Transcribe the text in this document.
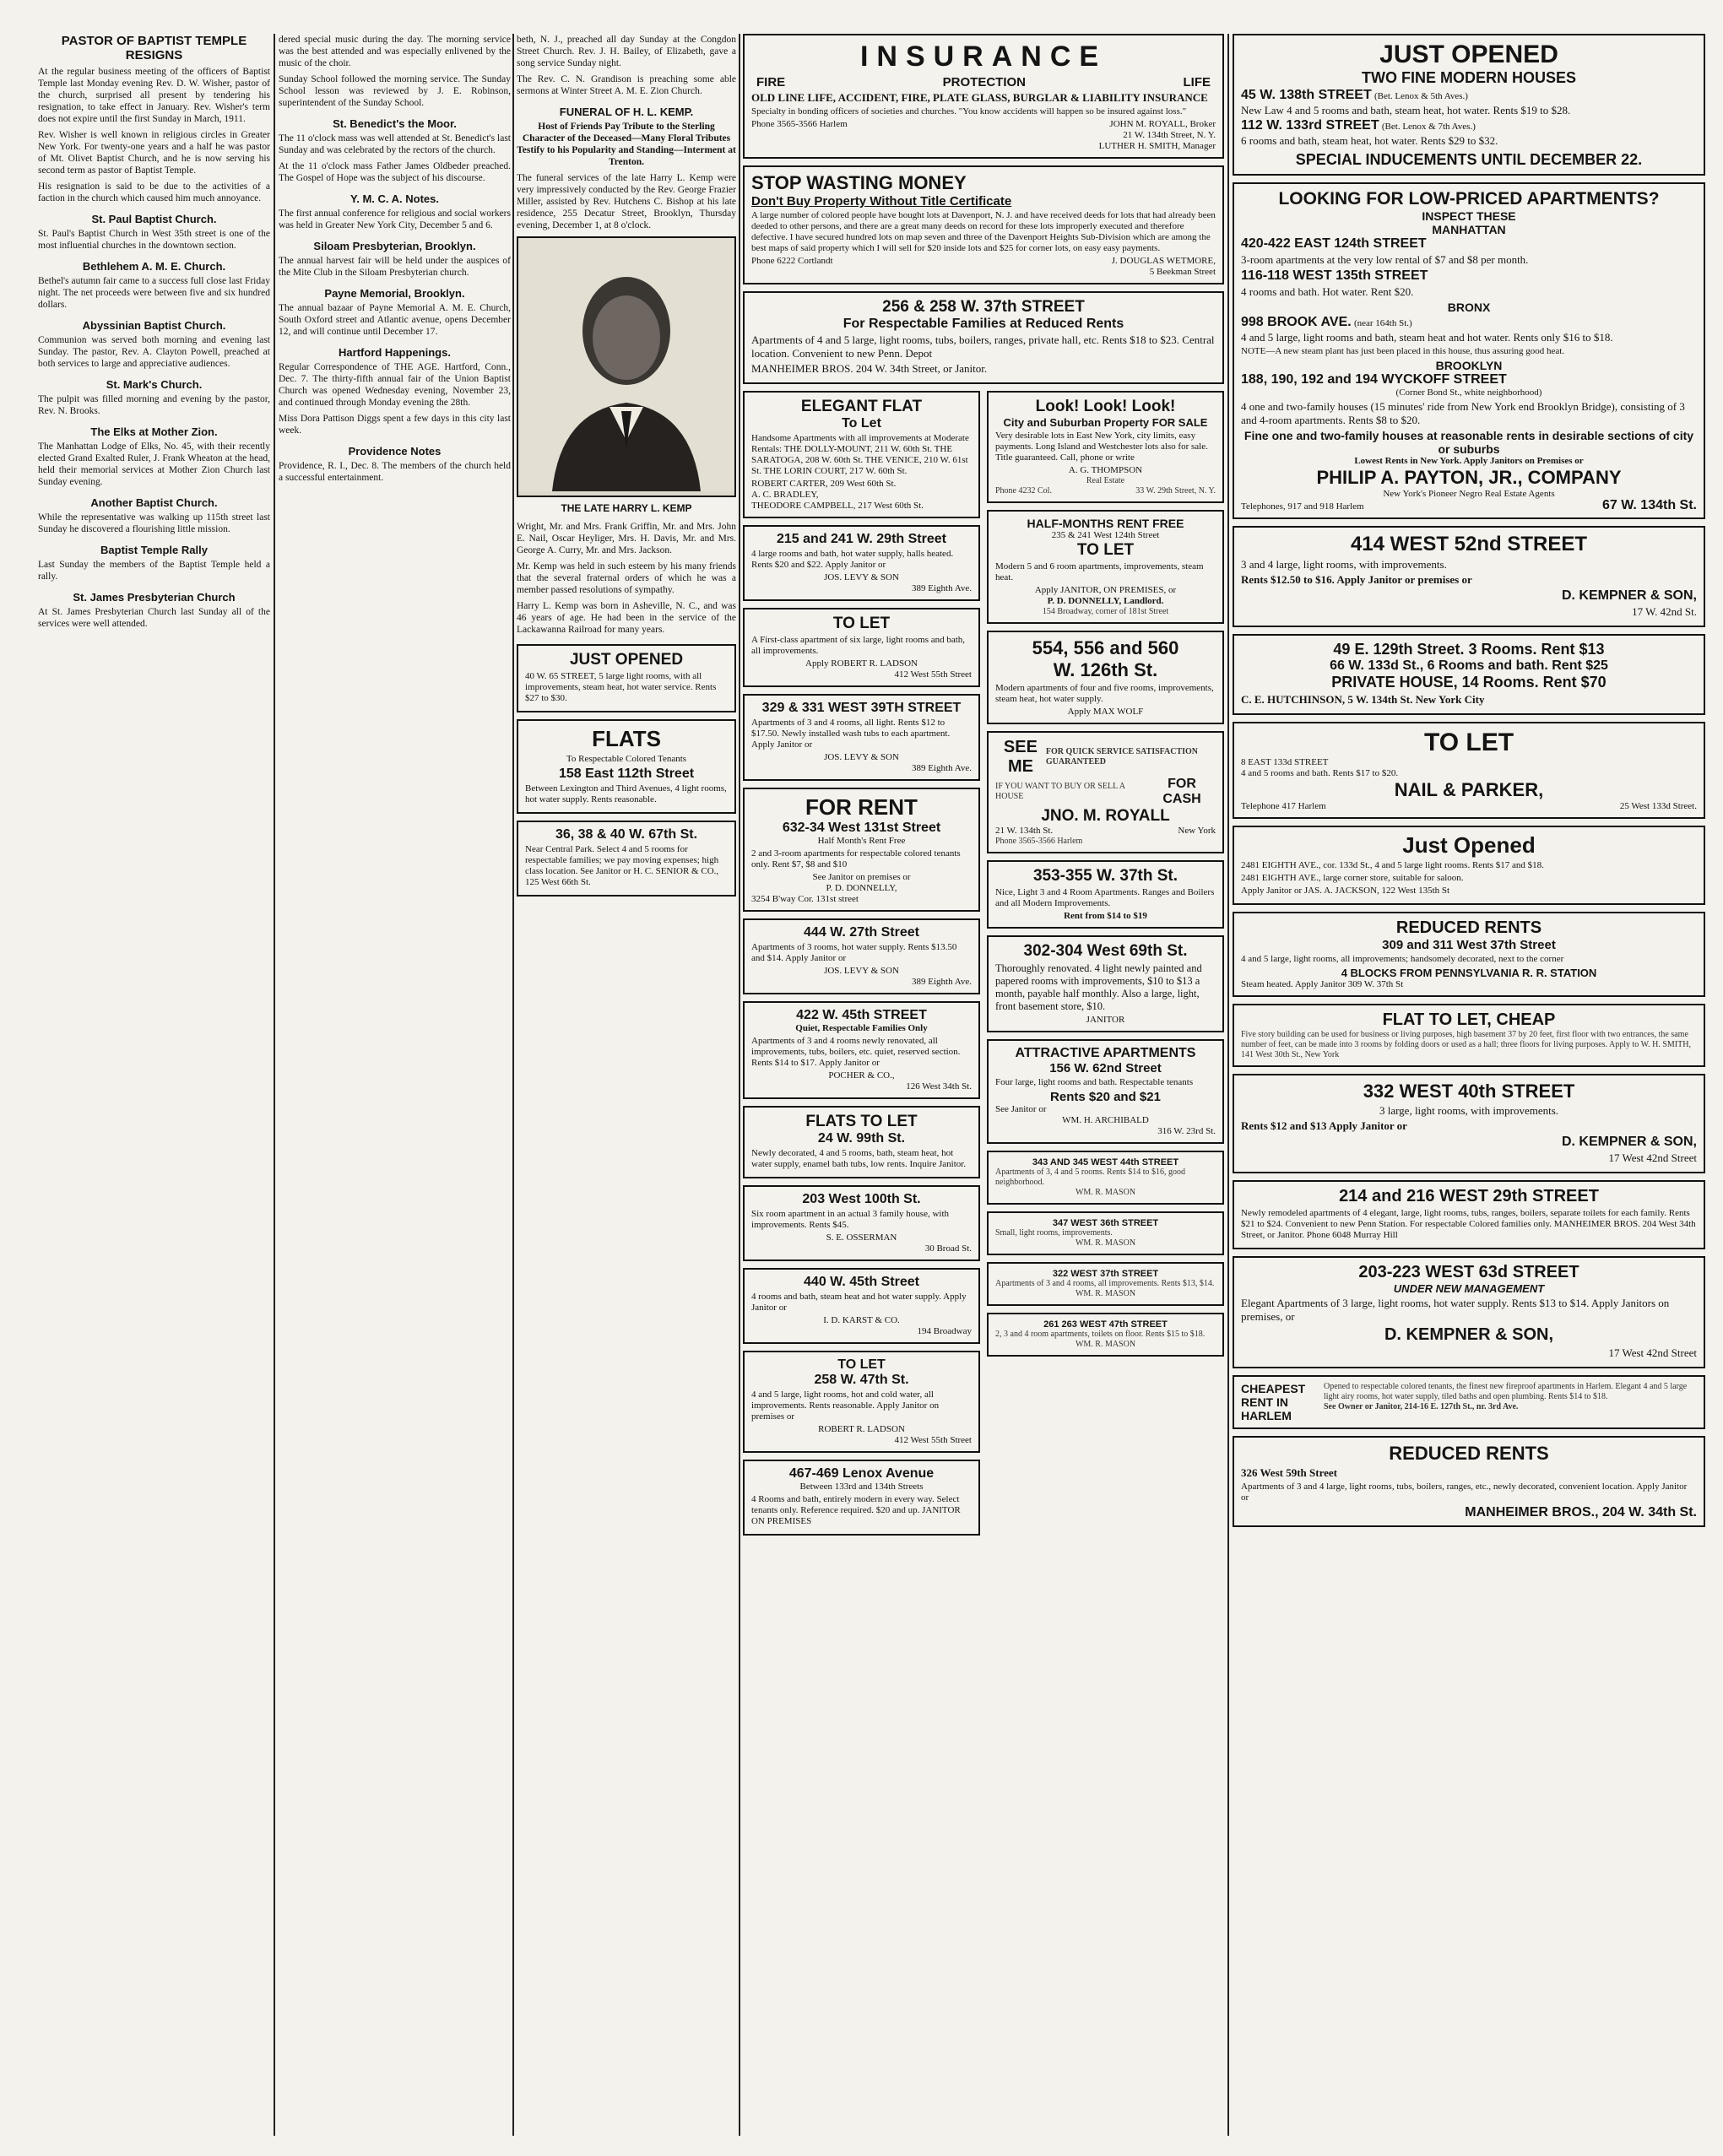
PASTOR OF BAPTIST TEMPLE RESIGNS

At the regular business meeting of the officers of Baptist Temple last Monday evening Rev. D. W. Wisher, pastor of the church, surprised all present by tendering his resignation, to take effect in January. Rev. Wisher's term does not expire until the first Sunday in March, 1911.

Rev. Wisher is well known in religious circles in Greater New York. For twenty-one years and a half he was pastor of Mt. Olivet Baptist Church, and he is now serving his second term as pastor of Baptist Temple.

His resignation is said to be due to the activities of a faction in the church which caused him much annoyance.

St. Paul Baptist Church.

St. Paul's Baptist Church in West 35th street is one of the most influential churches in the downtown section.

Bethlehem A. M. E. Church.

Bethel's autumn fair came to a success full close last Friday night. The net proceeds were between five and six hundred dollars.

Abyssinian Baptist Church.

Communion was served both morning and evening last Sunday. The pastor, Rev. A. Clayton Powell, preached at both services to large and appreciative audiences.

St. Mark's Church.

The pulpit was filled morning and evening by the pastor, Rev. N. Brooks.

The Elks at Mother Zion.

The Manhattan Lodge of Elks, No. 45, with their recently elected Grand Exalted Ruler, J. Frank Wheaton at the head, held their memorial services at Mother Zion Church last Sunday evening.

Another Baptist Church.

While the representative was walking up 115th street last Sunday he discovered a flourishing little mission.

Baptist Temple Rally

Last Sunday the members of the Baptist Temple held a rally.

St. James Presbyterian Church

At St. James Presbyterian Church last Sunday all of the services were well attended.

dered special music during the day. The morning service was the best attended and was especially enlivened by the music of the choir.

Sunday School followed the morning service. The Sunday School lesson was reviewed by J. E. Robinson, superintendent of the Sunday School.

St. Benedict's the Moor.

The 11 o'clock mass was well attended at St. Benedict's last Sunday and was celebrated by the rectors of the church.

At the 11 o'clock mass Father James Oldbeder preached. The Gospel of Hope was the subject of his discourse.

Y. M. C. A. Notes.

The first annual conference for religious and social workers was held in Greater New York City, December 5 and 6.

Siloam Presbyterian, Brooklyn.

The annual harvest fair will be held under the auspices of the Mite Club in the Siloam Presbyterian church.

Payne Memorial, Brooklyn.

The annual bazaar of Payne Memorial A. M. E. Church, South Oxford street and Atlantic avenue, opens December 12, and will continue until December 17.

Hartford Happenings.

Regular Correspondence of THE AGE. Hartford, Conn., Dec. 7. The thirty-fifth annual fair of the Union Baptist Church was opened Wednesday evening, November 23, and continued through Monday evening the 28th.

Miss Dora Pattison Diggs spent a few days in this city last week.

Providence Notes

Providence, R. I., Dec. 8. The members of the church held a successful entertainment.

beth, N. J., preached all day Sunday at the Congdon Street Church. Rev. J. H. Bailey, of Elizabeth, gave a song service Sunday night.

The Rev. C. N. Grandison is preaching some able sermons at Winter Street A. M. E. Zion Church.

FUNERAL OF H. L. KEMP.

Host of Friends Pay Tribute to the Sterling Character of the Deceased—Many Floral Tributes Testify to his Popularity and Standing—Interment at Trenton.

The funeral services of the late Harry L. Kemp were very impressively conducted by the Rev. George Frazier Miller, assisted by Rev. Hutchens C. Bishop at his late residence, 255 Decatur Street, Brooklyn, Thursday evening, December 1, at 8 o'clock.

THE LATE HARRY L. KEMP

Wright, Mr. and Mrs. Frank Griffin, Mr. and Mrs. John E. Nail, Oscar Heyliger, Mrs. H. Davis, Mr. and Mrs. George A. Curry, Mr. and Mrs. Jackson.

Mr. Kemp was held in such esteem by his many friends that the several fraternal orders of which he was a member passed resolutions of sympathy.

Harry L. Kemp was born in Asheville, N. C., and was 46 years of age. He had been in the service of the Lackawanna Railroad for many years.

JUST OPENED
40 W. 65 STREET, 5 large light rooms, with all improvements, steam heat, hot water service. Rents $27 to $30.
FLATS
To Respectable Colored Tenants
158 East 112th Street
Between Lexington and Third Avenues, 4 light rooms, hot water supply. Rents reasonable.
36, 38 & 40 W. 67th St.
Near Central Park. Select 4 and 5 rooms for respectable families; we pay moving expenses; high class location. See Janitor or H. C. SENIOR & CO., 125 West 66th St.
INSURANCE
FIRE	PROTECTION	LIFE
OLD LINE LIFE, ACCIDENT, FIRE, PLATE GLASS, BURGLAR & LIABILITY INSURANCE
Specialty in bonding officers of societies and churches. "You know accidents will happen so be insured against loss."
Phone 3565-3566 Harlem	JOHN M. ROYALL, Broker
21 W. 134th Street, N. Y.
LUTHER H. SMITH, Manager
STOP WASTING MONEY
Don't Buy Property Without Title Certificate
A large number of colored people have bought lots at Davenport, N. J. and have received deeds for lots that had already been deeded to other persons, and there are a great many deeds on record for these lots improperly executed and therefore defective. I have secured hundred lots on map seven and three of the Davenport Heights Sub-Division which are among the best maps of said property which I will sell for $20 inside lots and $25 for corner lots, on easy easy payments.
Phone 6222 Cortlandt	J. DOUGLAS WETMORE,
5 Beekman Street
256 & 258 W. 37th STREET
For Respectable Families at Reduced Rents
Apartments of 4 and 5 large, light rooms, tubs, boilers, ranges, private hall, etc. Rents $18 to $23. Central location. Convenient to new Penn. Depot
MANHEIMER BROS. 204 W. 34th Street, or Janitor.
ELEGANT FLAT
To Let
Handsome Apartments with all improvements at Moderate Rentals: THE DOLLY-MOUNT, 211 W. 60th St. THE SARATOGA, 208 W. 60th St. THE VENICE, 210 W. 61st St. THE LORIN COURT, 217 W. 60th St.
ROBERT CARTER, 209 West 60th St.
A. C. BRADLEY,
THEODORE CAMPBELL, 217 West 60th St.
215 and 241 W. 29th Street
4 large rooms and bath, hot water supply, halls heated. Rents $20 and $22. Apply Janitor or
JOS. LEVY & SON
389 Eighth Ave.
TO LET
A First-class apartment of six large, light rooms and bath, all improvements.
Apply ROBERT R. LADSON
412 West 55th Street
329 & 331 WEST 39TH STREET
Apartments of 3 and 4 rooms, all light. Rents $12 to $17.50. Newly installed wash tubs to each apartment. Apply Janitor or
JOS. LEVY & SON
389 Eighth Ave.
FOR RENT
632-34 West 131st Street
Half Month's Rent Free
2 and 3-room apartments for respectable colored tenants only. Rent $7, $8 and $10
See Janitor on premises or
P. D. DONNELLY,
3254 B'way Cor. 131st street
444 W. 27th Street
Apartments of 3 rooms, hot water supply. Rents $13.50 and $14. Apply Janitor or
JOS. LEVY & SON
389 Eighth Ave.
422 W. 45th STREET
Quiet, Respectable Families Only
Apartments of 3 and 4 rooms newly renovated, all improvements, tubs, boilers, etc. quiet, reserved section. Rents $14 to $17. Apply Janitor or
POCHER & CO.,
126 West 34th St.
FLATS TO LET
24 W. 99th St.
Newly decorated, 4 and 5 rooms, bath, steam heat, hot water supply, enamel bath tubs, low rents. Inquire Janitor.
203 West 100th St.
Six room apartment in an actual 3 family house, with improvements. Rents $45.
S. E. OSSERMAN
30 Broad St.
440 W. 45th Street
4 rooms and bath, steam heat and hot water supply. Apply Janitor or
I. D. KARST & CO.
194 Broadway
TO LET
258 W. 47th St.
4 and 5 large, light rooms, hot and cold water, all improvements. Rents reasonable. Apply Janitor on premises or
ROBERT R. LADSON
412 West 55th Street
467-469 Lenox Avenue
Between 133rd and 134th Streets
4 Rooms and bath, entirely modern in every way. Select tenants only. Reference required. $20 and up. JANITOR ON PREMISES
Look! Look! Look!
City and Suburban Property FOR SALE
Very desirable lots in East New York, city limits, easy payments. Long Island and Westchester lots also for sale. Title guaranteed. Call, phone or write
A. G. THOMPSON
Real Estate
Phone 4232 Col.	33 W. 29th Street, N. Y.
HALF-MONTHS RENT FREE
235 & 241 West 124th Street
TO LET
Modern 5 and 6 room apartments, improvements, steam heat.
Apply JANITOR, ON PREMISES, or
P. D. DONNELLY, Landlord.
154 Broadway, corner of 181st Street
554, 556 and 560
W. 126th St.
Modern apartments of four and five rooms, improvements, steam heat, hot water supply.
Apply MAX WOLF
SEE ME
FOR QUICK SERVICE SATISFACTION GUARANTEED
IF YOU WANT TO BUY OR SELL A HOUSE
FOR CASH
JNO. M. ROYALL
21 W. 134th St.	New York
Phone 3565-3566 Harlem
353-355 W. 37th St.
Nice, Light 3 and 4 Room Apartments. Ranges and Boilers and all Modern Improvements.
Rent from $14 to $19
302-304 West 69th St.
Thoroughly renovated. 4 light newly painted and papered rooms with improvements, $10 to $13 a month, payable half monthly. Also a large, light, front basement store, $10.
JANITOR
ATTRACTIVE APARTMENTS
156 W. 62nd Street
Four large, light rooms and bath. Respectable tenants
Rents $20 and $21
See Janitor or
WM. H. ARCHIBALD
316 W. 23rd St.
343 AND 345 WEST 44th STREET
Apartments of 3, 4 and 5 rooms. Rents $14 to $16, good neighborhood.
WM. R. MASON
347 WEST 36th STREET
Small, light rooms, improvements.
WM. R. MASON
322 WEST 37th STREET
Apartments of 3 and 4 rooms, all improvements. Rents $13, $14.
WM. R. MASON
261 263 WEST 47th STREET
2, 3 and 4 room apartments, toilets on floor. Rents $15 to $18.
WM. R. MASON
JUST OPENED
TWO FINE MODERN HOUSES
45 W. 138th STREET (Bet. Lenox & 5th Aves.)
New Law 4 and 5 rooms and bath, steam heat, hot water. Rents $19 to $28.
112 W. 133rd STREET (Bet. Lenox & 7th Aves.)
6 rooms and bath, steam heat, hot water. Rents $29 to $32.
SPECIAL INDUCEMENTS UNTIL DECEMBER 22.
LOOKING FOR LOW-PRICED APARTMENTS?
INSPECT THESE
MANHATTAN
420-422 EAST 124th STREET
3-room apartments at the very low rental of $7 and $8 per month.
116-118 WEST 135th STREET
4 rooms and bath. Hot water. Rent $20.
BRONX
998 BROOK AVE. (near 164th St.)
4 and 5 large, light rooms and bath, steam heat and hot water. Rents only $16 to $18.
NOTE—A new steam plant has just been placed in this house, thus assuring good heat.
BROOKLYN
188, 190, 192 and 194 WYCKOFF STREET
(Corner Bond St., white neighborhood)
4 one and two-family houses (15 minutes' ride from New York end Brooklyn Bridge), consisting of 3 and 4-room apartments. Rents $8 to $20.
Fine one and two-family houses at reasonable rents in desirable sections of city or suburbs
Lowest Rents in New York. Apply Janitors on Premises or
PHILIP A. PAYTON, JR., COMPANY
New York's Pioneer Negro Real Estate Agents
Telephones, 917 and 918 Harlem	67 W. 134th St.
414 WEST 52nd STREET
3 and 4 large, light rooms, with improvements.
Rents $12.50 to $16. Apply Janitor or premises or
D. KEMPNER & SON,
17 W. 42nd St.
49 E. 129th Street. 3 Rooms. Rent $13
66 W. 133d St., 6 Rooms and bath. Rent $25
PRIVATE HOUSE, 14 Rooms. Rent $70
C. E. HUTCHINSON, 5 W. 134th St. New York City
TO LET
8 EAST 133d STREET
4 and 5 rooms and bath. Rents $17 to $20.
NAIL & PARKER,
Telephone 417 Harlem	25 West 133d Street.
Just Opened
2481 EIGHTH AVE., cor. 133d St., 4 and 5 large light rooms. Rents $17 and $18.
2481 EIGHTH AVE., large corner store, suitable for saloon.
Apply Janitor or JAS. A. JACKSON, 122 West 135th St
REDUCED RENTS
309 and 311 West 37th Street
4 and 5 large, light rooms, all improvements; handsomely decorated, next to the corner
4 BLOCKS FROM PENNSYLVANIA R. R. STATION
Steam heated. Apply Janitor 309 W. 37th St
FLAT TO LET, CHEAP
Five story building can be used for business or living purposes, high basement 37 by 20 feet, first floor with two entrances, the same number of feet, can be made into 3 rooms by folding doors or used as a hall; three floors for living purposes. Apply to W. H. SMITH, 141 West 30th St., New York
332 WEST 40th STREET
3 large, light rooms, with improvements.
Rents $12 and $13 Apply Janitor or
D. KEMPNER & SON,
17 West 42nd Street
214 and 216 WEST 29th STREET
Newly remodeled apartments of 4 elegant, large, light rooms, tubs, ranges, boilers, separate toilets for each family. Rents $21 to $24. Convenient to new Penn Station. For respectable Colored families only. MANHEIMER BROS. 204 West 34th Street, or Janitor. Phone 6048 Murray Hill
203-223 WEST 63d STREET
UNDER NEW MANAGEMENT
Elegant Apartments of 3 large, light rooms, hot water supply. Rents $13 to $14. Apply Janitors on premises, or
D. KEMPNER & SON,
17 West 42nd Street
CHEAPEST RENT IN HARLEM
Opened to respectable colored tenants, the finest new fireproof apartments in Harlem. Elegant 4 and 5 large light airy rooms, hot water supply, tiled baths and open plumbing. Rents $14 to $18.
See Owner or Janitor, 214-16 E. 127th St., nr. 3rd Ave.
REDUCED RENTS
326 West 59th Street
Apartments of 3 and 4 large, light rooms, tubs, boilers, ranges, etc., newly decorated, convenient location. Apply Janitor or
MANHEIMER BROS., 204 W. 34th St.
